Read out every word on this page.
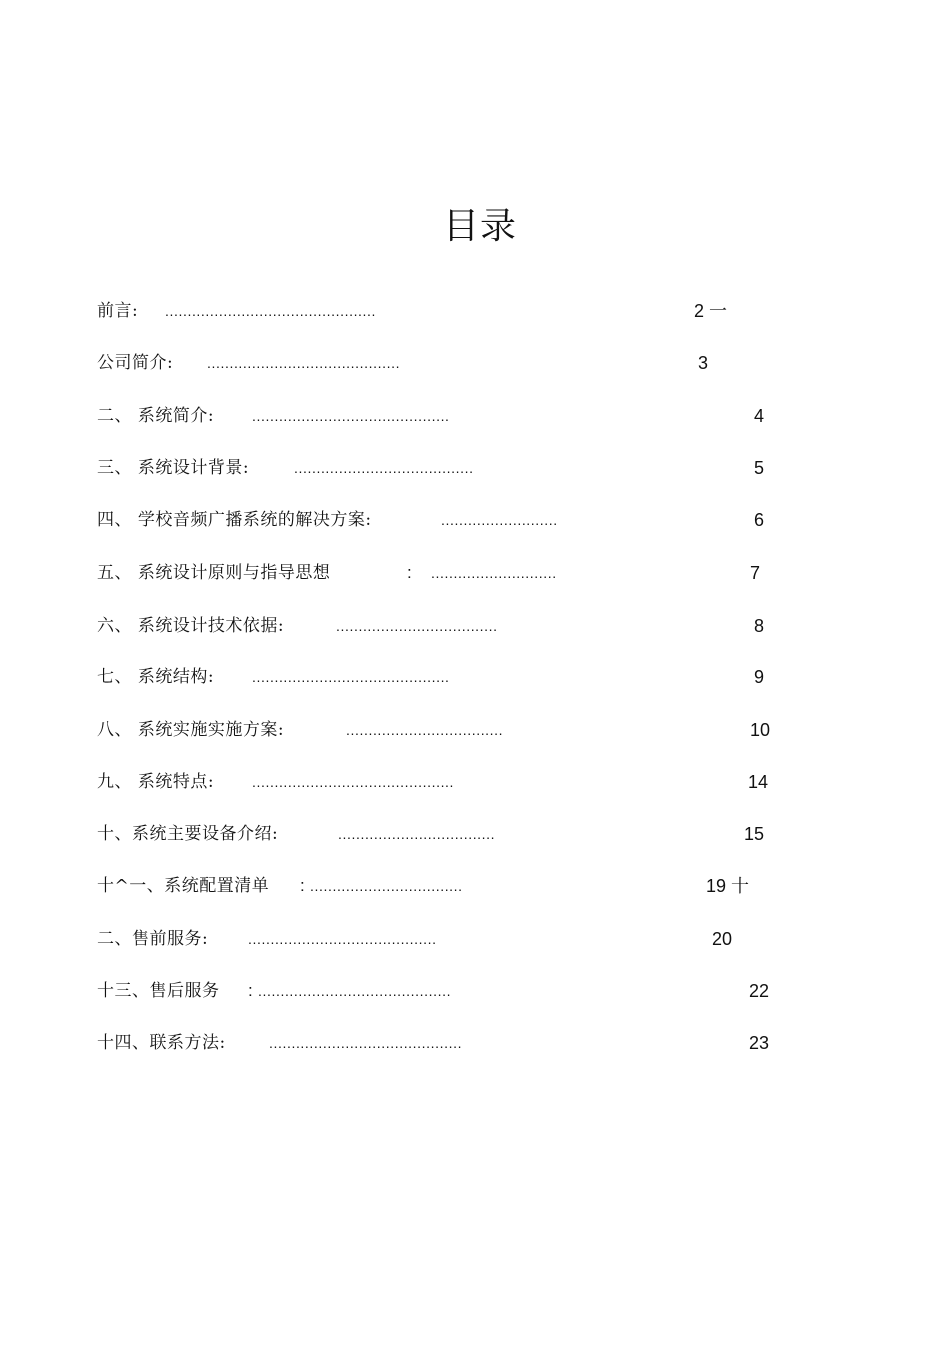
目录
前言: ...............................................	2 一
公司简介: ...........................................	3
二、 系统简介:	............................................	4
三、 系统设计背景:	........................................	5
四、 学校音频广播系统的解决方案:	..........................	6
五、 系统设计原则与指导思想	: ............................	7
六、 系统设计技术依据:	....................................	8
七、 系统结构:	............................................	9
八、 系统实施实施方案:	...................................	10
九、 系统特点:	.............................................	14
十、系统主要设备介绍:	...................................	15
十^一、系统配置清单 : ..................................	19 十
二、售前服务:	..........................................	20
十三、售后服务 : ...........................................	22
十四、联系方法:	...........................................	23
